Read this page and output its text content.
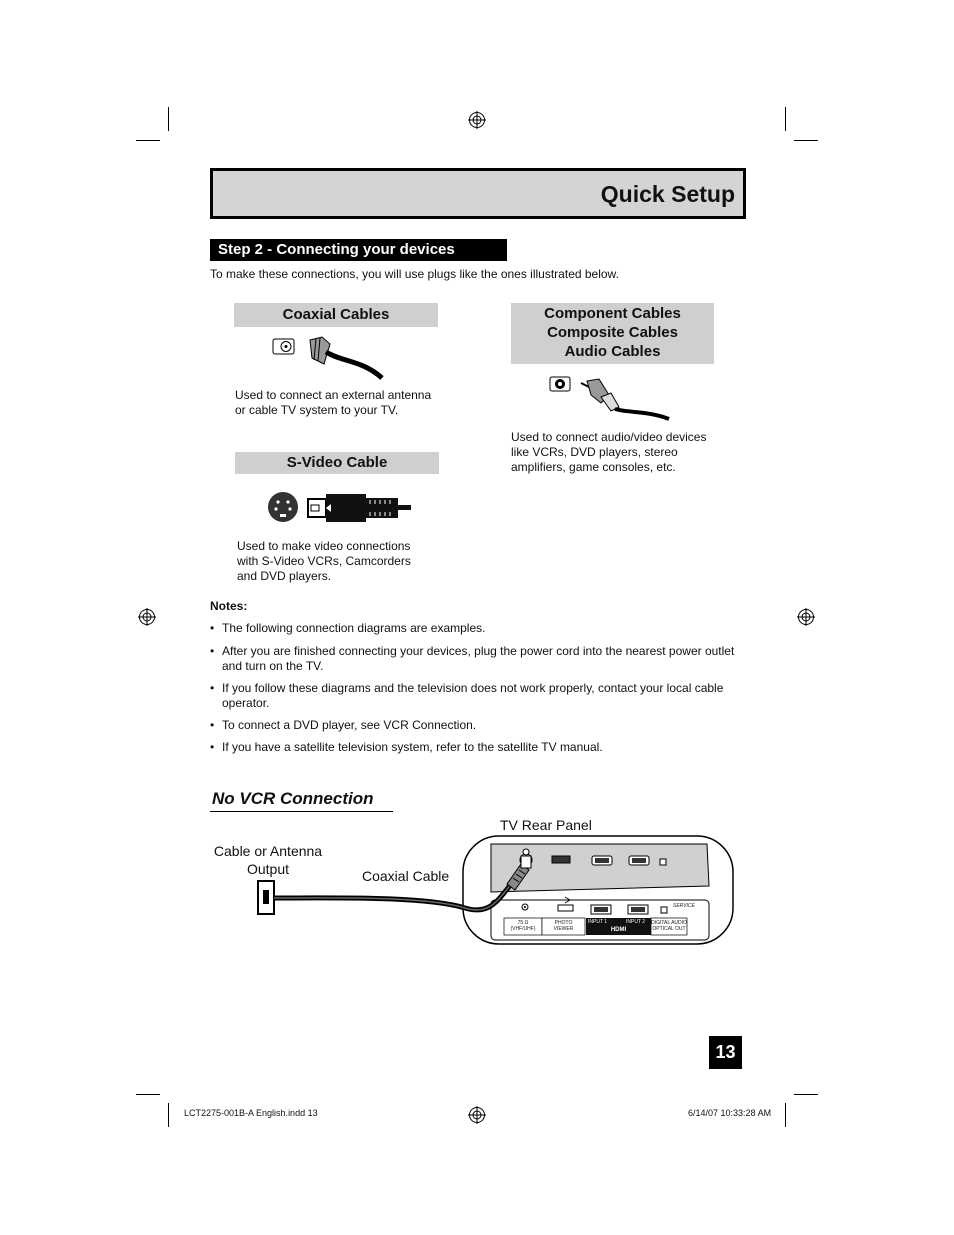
Quick Setup
Step 2 - Connecting your devices
To make these connections, you will use plugs like the ones illustrated below.
Coaxial Cables
Used to connect an external antenna or cable TV system to your TV.
S-Video Cable
Used to make video connections with S-Video VCRs, Camcorders and DVD players.
Component Cables
Composite Cables
Audio Cables
Used to connect audio/video devices like VCRs, DVD players, stereo amplifiers, game consoles, etc.
Notes:
• The following connection diagrams are examples.
• After you are finished connecting your devices, plug the power cord into the nearest power outlet and turn on the TV.
• If you follow these diagrams and the television does not work properly, contact your local cable operator.
• To connect a DVD player, see VCR Connection.
• If you have a satellite television system, refer to the satellite TV manual.
No VCR Connection
TV Rear Panel
Cable or Antenna
Output	Coaxial Cable
75 Ω
(VHF/UHF)
PHOTO
VIEWER
INPUT 1	INPUT 2
HDMI
DIGITAL AUDIO
OPTICAL OUT
SERVICE
13
LCT2275-001B-A English.indd 13	6/14/07 10:33:28 AM
